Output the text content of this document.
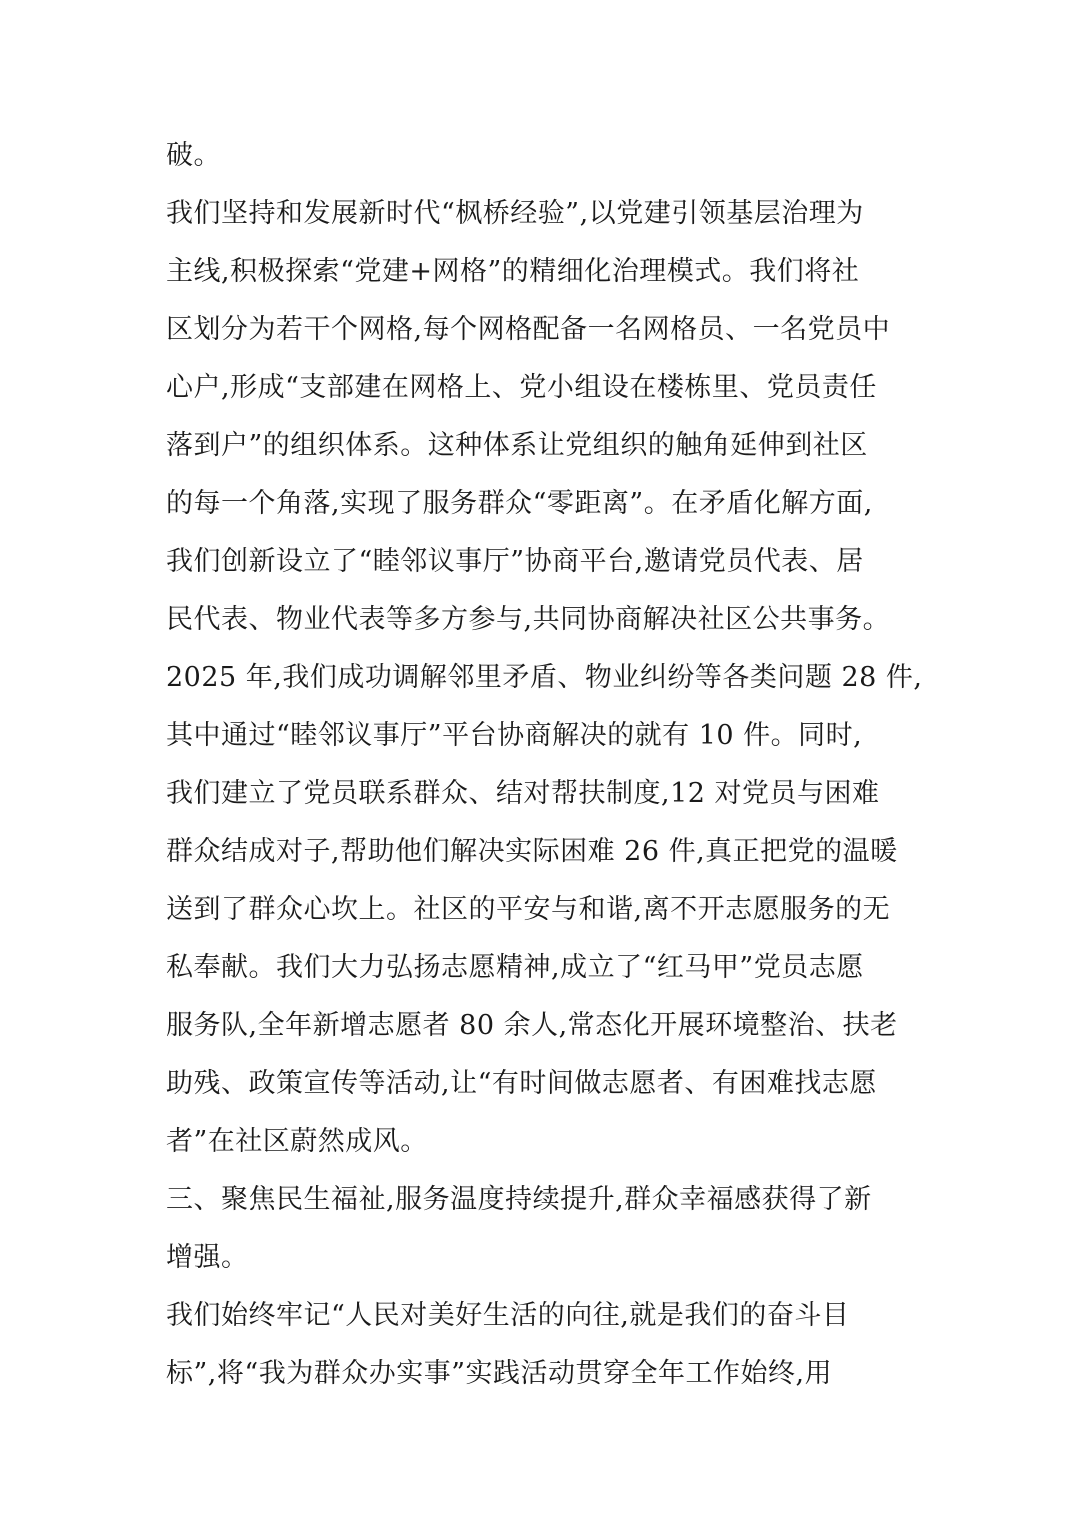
破。
我们坚持和发展新时代“枫桥经验”,以党建引领基层治理为
主线,积极探索“党建+网格”的精细化治理模式。我们将社
区划分为若干个网格,每个网格配备一名网格员、一名党员中
心户,形成“支部建在网格上、党小组设在楼栋里、党员责任
落到户”的组织体系。这种体系让党组织的触角延伸到社区
的每一个角落,实现了服务群众“零距离”。在矛盾化解方面,
我们创新设立了“睦邻议事厅”协商平台,邀请党员代表、居
民代表、物业代表等多方参与,共同协商解决社区公共事务。
2025 年,我们成功调解邻里矛盾、物业纠纷等各类问题 28 件,
其中通过“睦邻议事厅”平台协商解决的就有 10 件。同时,
我们建立了党员联系群众、结对帮扶制度,12 对党员与困难
群众结成对子,帮助他们解决实际困难 26 件,真正把党的温暖
送到了群众心坎上。社区的平安与和谐,离不开志愿服务的无
私奉献。我们大力弘扬志愿精神,成立了“红马甲”党员志愿
服务队,全年新增志愿者 80 余人,常态化开展环境整治、扶老
助残、政策宣传等活动,让“有时间做志愿者、有困难找志愿
者”在社区蔚然成风。
三、聚焦民生福祉,服务温度持续提升,群众幸福感获得了新
增强。
我们始终牢记“人民对美好生活的向往,就是我们的奋斗目
标”,将“我为群众办实事”实践活动贯穿全年工作始终,用
